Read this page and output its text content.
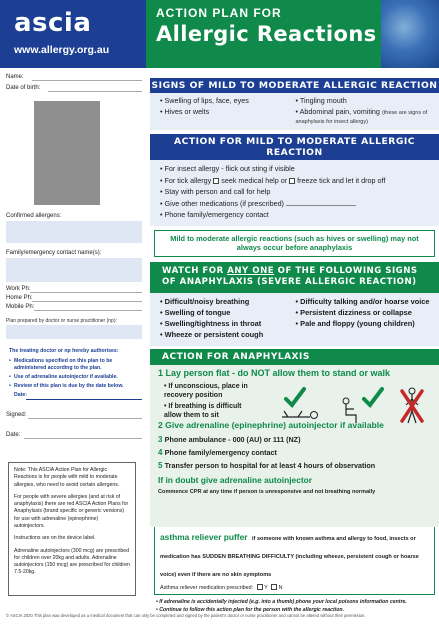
ascia
www.allergy.org.au
ACTION PLAN FOR
Allergic Reactions
Name:
Date of birth:
Confirmed allergens:
Family/emergency contact name(s):
Work Ph:
Home Ph:
Mobile Ph:
Plan prepared by doctor or nurse practitioner (np):
The treating doctor or np hereby authorises:
• Medications specified on this plan to be administered according to the plan.
• Use of adrenaline autoinjector if available.
• Review of this plan is due by the date below.
Date:
Signed:
Date:

Note: This ASCIA Action Plan for Allergic Reactions is for people with mild to moderate allergies, who need to avoid certain allergens.

For people with severe allergies (and at risk of anaphylaxis) there are red ASCIA Action Plans for Anaphylaxis (brand specific or generic versions) for use with adrenaline (epinephrine) autoinjectors.

Instructions are on the device label.

Adrenaline autoinjectors (300 mcg) are prescribed for children over 20kg and adults. Adrenaline autoinjectors (150 mcg) are prescribed for children 7.5-20kg.

SIGNS OF MILD TO MODERATE ALLERGIC REACTION
• Swelling of lips, face, eyes
• Hives or welts
• Tingling mouth
• Abdominal pain, vomiting (these are signs of anaphylaxis for insect allergy)
ACTION FOR MILD TO MODERATE ALLERGIC REACTION
• For insect allergy - flick out sting if visible
• For tick allergy seek medical help or freeze tick and let it drop off
• Stay with person and call for help
• Give other medications (if prescribed)
• Phone family/emergency contact
Mild to moderate allergic reactions (such as hives or swelling) may not always occur before anaphylaxis
WATCH FOR ANY ONE OF THE FOLLOWING SIGNS OF ANAPHYLAXIS (SEVERE ALLERGIC REACTION)
• Difficult/noisy breathing
• Swelling of tongue
• Swelling/tightness in throat
• Wheeze or persistent cough
• Difficulty talking and/or hoarse voice
• Persistent dizziness or collapse
• Pale and floppy (young children)
ACTION FOR ANAPHYLAXIS
1 Lay person flat - do NOT allow them to stand or walk
• If unconscious, place in recovery position
• If breathing is difficult allow them to sit
2 Give adrenaline (epinephrine) autoinjector if available
3 Phone ambulance - 000 (AU) or 111 (NZ)
4 Phone family/emergency contact
5 Transfer person to hospital for at least 4 hours of observation
If in doubt give adrenaline autoinjector
Commence CPR at any time if person is unresponsive and not breathing normally
asthma reliever puffer if someone with known asthma and allergy to food, insects or medication has SUDDEN BREATHING DIFFICULTY (including wheeze, persistent cough or hoarse voice) even if there are no skin symptoms
Asthma reliever medication prescribed: Y N
• If adrenaline is accidentally injected (e.g. into a thumb) phone your local poisons information centre.
• Continue to follow this action plan for the person with the allergic reaction.
© ASCIA 2020 This plan was developed as a medical document that can only be completed and signed by the patient's doctor or nurse practitioner and cannot be altered without their permission.
